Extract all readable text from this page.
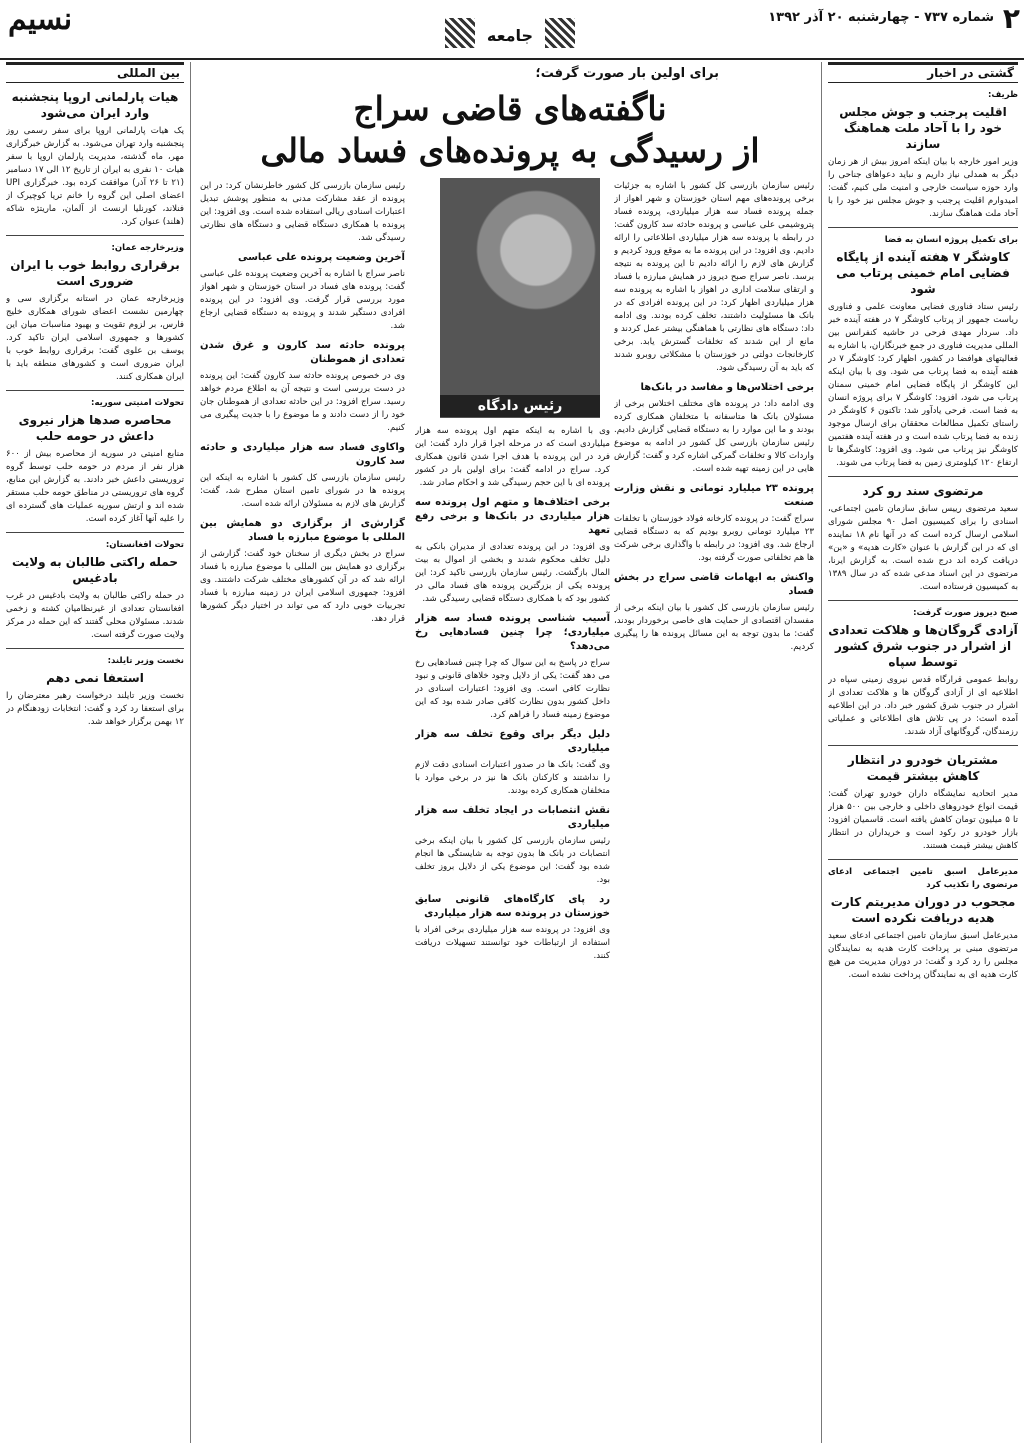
۲
شماره ۷۳۷ - چهارشنبه ۲۰ آذر ۱۳۹۲
جامعه
نسیم
گشتی در اخبار
ظریف:
اقلیت پرجنب و جوش مجلس خود را با آحاد ملت هماهنگ سازند

وزیر امور خارجه با بیان اینکه امروز بیش از هر زمان دیگر به همدلی نیاز داریم و نباید دعواهای جناحی را وارد حوزه سیاست خارجی و امنیت ملی کنیم، گفت: امیدوارم اقلیت پرجنب و جوش مجلس نیز خود را با آحاد ملت هماهنگ سازند.

برای تکمیل پروژه انسان به فضا
کاوشگر ۷ هفته آینده از پایگاه فضایی امام خمینی پرتاب می شود

رئیس ستاد فناوری فضایی معاونت علمی و فناوری ریاست جمهور از پرتاب کاوشگر ۷ در هفته آینده خبر داد. سردار مهدی فرحی در حاشیه کنفرانس بین المللی مدیریت فناوری در جمع خبرنگاران، با اشاره به فعالیتهای هوافضا در کشور، اظهار کرد: کاوشگر ۷ در هفته آینده به فضا پرتاب می شود. وی با بیان اینکه این کاوشگر از پایگاه فضایی امام خمینی سمنان پرتاب می شود، افزود: کاوشگر ۷ برای پروژه انسان به فضا است. فرحی یادآور شد: تاکنون ۶ کاوشگر در راستای تکمیل مطالعات محققان برای ارسال موجود زنده به فضا پرتاب شده است و در هفته آینده هفتمین کاوشگر نیز پرتاب می شود. وی افزود: کاوشگرها تا ارتفاع ۱۲۰ کیلومتری زمین به فضا پرتاب می شوند.

مرتضوی سند رو کرد

سعید مرتضوی رییس سابق سازمان تامین اجتماعی، اسنادی را برای کمیسیون اصل ۹۰ مجلس شورای اسلامی ارسال کرده است که در آنها نام ۱۸ نماینده ای که در این گزارش با عنوان «کارت هدیه» و «بن» دریافت کرده اند درج شده است. به گزارش ایرنا، مرتضوی در این اسناد مدعی شده که در سال ۱۳۸۹ به کمیسیون فرستاده است.

صبح دیروز صورت گرفت:
آزادی گروگان‌ها و هلاکت تعدادی از اشرار در جنوب شرق کشور توسط سپاه

روابط عمومی قرارگاه قدس نیروی زمینی سپاه در اطلاعیه ای از آزادی گروگان ها و هلاکت تعدادی از اشرار در جنوب شرق کشور خبر داد. در این اطلاعیه آمده است: در پی تلاش های اطلاعاتی و عملیاتی رزمندگان، گروگانهای آزاد شدند.

مشتریان خودرو در انتظار کاهش بیشتر قیمت

مدیر اتحادیه نمایشگاه داران خودرو تهران گفت: قیمت انواع خودروهای داخلی و خارجی بین ۵۰۰ هزار تا ۵ میلیون تومان کاهش یافته است. قاسمیان افزود: بازار خودرو در رکود است و خریداران در انتظار کاهش بیشتر قیمت هستند.

مدیرعامل اسبق تامین اجتماعی ادعای مرتضوی را تکذیب کرد
مجحوب در دوران مدیریتم کارت هدیه دریافت نکرده است

مدیرعامل اسبق سازمان تامین اجتماعی ادعای سعید مرتضوی مبنی بر پرداخت کارت هدیه به نمایندگان مجلس را رد کرد و گفت: در دوران مدیریت من هیچ کارت هدیه ای به نمایندگان پرداخت نشده است.

بین المللی
هیات پارلمانی اروپا پنجشنبه وارد ایران می‌شود

یک هیات پارلمانی اروپا برای سفر رسمی روز پنجشنبه وارد تهران می‌شود. به گزارش خبرگزاری مهر، ماه گذشته، مدیریت پارلمان اروپا با سفر هیات ۱۰ نفری به ایران از تاریخ ۱۲ الی ۱۷ دسامبر (۲۱ تا ۲۶ آذر) موافقت کرده بود. خبرگزاری UPI اعضای اصلی این گروه را خانم تریا کوچیرک از فنلاند، کورنلیا ارنست از آلمان، ماریتژه شاکه (هلند) عنوان کرد.

وزیرخارجه عمان:
برقراری روابط خوب با ایران ضروری است

وزیرخارجه عمان در استانه برگزاری سی و چهارمین نشست اعضای شورای همکاری خلیج فارس، بر لزوم تقویت و بهبود مناسبات میان این کشورها و جمهوری اسلامی ایران تاکید کرد. یوسف بن علوی گفت: برقراری روابط خوب با ایران ضروری است و کشورهای منطقه باید با ایران همکاری کنند.

تحولات امنیتی سوریه:
محاصره صدها هزار نیروی داعش در حومه حلب

منابع امنیتی در سوریه از محاصره بیش از ۶۰۰ هزار نفر از مردم در حومه حلب توسط گروه تروریستی داعش خبر دادند. به گزارش این منابع، گروه های تروریستی در مناطق حومه حلب مستقر شده اند و ارتش سوریه عملیات های گسترده ای را علیه آنها آغاز کرده است.

تحولات افغانستان:
حمله راکتی طالبان به ولایت بادغیس

در حمله راکتی طالبان به ولایت بادغیس در غرب افغانستان تعدادی از غیرنظامیان کشته و زخمی شدند. مسئولان محلی گفتند که این حمله در مرکز ولایت صورت گرفته است.

نخست وزیر تایلند:
استعفا نمی دهم

نخست وزیر تایلند درخواست رهبر معترضان را برای استعفا رد کرد و گفت: انتخابات زودهنگام در ۱۲ بهمن برگزار خواهد شد.

برای اولین بار صورت گرفت؛
ناگفته‌های قاضی سراج
از رسیدگی به پرونده‌های فساد مالی
رئیس دادگاه

رئیس سازمان بازرسی کل کشور با اشاره به جزئیات برخی پرونده‌های مهم استان خوزستان و شهر اهواز از جمله پرونده فساد سه هزار میلیاردی، پرونده فساد پتروشیمی علی عباسی و پرونده حادثه سد کارون گفت: در رابطه با پرونده سه هزار میلیاردی اطلاعاتی را ارائه دادیم. وی افزود: در این پرونده ما به موقع ورود کردیم و گزارش های لازم را ارائه دادیم تا این پرونده به نتیجه برسد. ناصر سراج صبح دیروز در همایش مبارزه با فساد و ارتقای سلامت اداری در اهواز با اشاره به پرونده سه هزار میلیاردی اظهار کرد: در این پرونده افرادی که در بانک ها مسئولیت داشتند، تخلف کرده بودند. وی ادامه داد: دستگاه های نظارتی با هماهنگی بیشتر عمل کردند و مانع از این شدند که تخلفات گسترش یابد. برخی کارخانجات دولتی در خوزستان با مشکلاتی روبرو شدند که باید به آن رسیدگی شود.

برخی اختلاس‌ها و مفاسد در بانک‌ها

وی ادامه داد: در پرونده های مختلف اختلاس برخی از مسئولان بانک ها متاسفانه با متخلفان همکاری کرده بودند و ما این موارد را به دستگاه قضایی گزارش دادیم. رئیس سازمان بازرسی کل کشور در ادامه به موضوع واردات کالا و تخلفات گمرکی اشاره کرد و گفت: گزارش هایی در این زمینه تهیه شده است.

پرونده ۲۳ میلیارد تومانی و نقش وزارت صنعت

سراج گفت: در پرونده کارخانه فولاد خوزستان با تخلفات ۲۳ میلیارد تومانی روبرو بودیم که به دستگاه قضایی ارجاع شد. وی افزود: در رابطه با واگذاری برخی شرکت ها هم تخلفاتی صورت گرفته بود.

واکنش به ابهامات قاضی سراج در بخش فساد

رئیس سازمان بازرسی کل کشور با بیان اینکه برخی از مفسدان اقتصادی از حمایت های خاصی برخوردار بودند، گفت: ما بدون توجه به این مسائل پرونده ها را پیگیری کردیم.

وی با اشاره به اینکه متهم اول پرونده سه هزار میلیاردی است که در مرحله اجرا قرار دارد گفت: این فرد در این پرونده با هدف اجرا شدن قانون همکاری کرد. سراج در ادامه گفت: برای اولین بار در کشور پرونده ای با این حجم رسیدگی شد و احکام صادر شد.

برخی اختلاف‌ها و متهم اول پرونده سه هزار میلیاردی در بانک‌ها و برخی رفع تعهد

وی افزود: در این پرونده تعدادی از مدیران بانکی به دلیل تخلف محکوم شدند و بخشی از اموال به بیت المال بازگشت. رئیس سازمان بازرسی تاکید کرد: این پرونده یکی از بزرگترین پرونده های فساد مالی در کشور بود که با همکاری دستگاه قضایی رسیدگی شد.

آسیب شناسی پرونده فساد سه هزار میلیاردی؛ چرا چنین فسادهایی رخ می‌دهد؟

سراج در پاسخ به این سوال که چرا چنین فسادهایی رخ می دهد گفت: یکی از دلایل وجود خلاهای قانونی و نبود نظارت کافی است. وی افزود: اعتبارات اسنادی در داخل کشور بدون نظارت کافی صادر شده بود که این موضوع زمینه فساد را فراهم کرد.

دلیل دیگر برای وقوع تخلف سه هزار میلیاردی

وی گفت: بانک ها در صدور اعتبارات اسنادی دقت لازم را نداشتند و کارکنان بانک ها نیز در برخی موارد با متخلفان همکاری کرده بودند.

نقش انتصابات در ایجاد تخلف سه هزار میلیاردی

رئیس سازمان بازرسی کل کشور با بیان اینکه برخی انتصابات در بانک ها بدون توجه به شایستگی ها انجام شده بود گفت: این موضوع یکی از دلایل بروز تخلف بود.

رد پای کارگاه‌های قانونی سابق خوزستان در پرونده سه هزار میلیاردی

وی افزود: در پرونده سه هزار میلیاردی برخی افراد با استفاده از ارتباطات خود توانستند تسهیلات دریافت کنند.

رئیس سازمان بازرسی کل کشور خاطرنشان کرد: در این پرونده از عقد مشارکت مدنی به منظور پوشش تبدیل اعتبارات اسنادی ریالی استفاده شده است. وی افزود: این پرونده با همکاری دستگاه قضایی و دستگاه های نظارتی رسیدگی شد.

آخرین وضعیت پرونده علی عباسی

ناصر سراج با اشاره به آخرین وضعیت پرونده علی عباسی گفت: پرونده های فساد در استان خوزستان و شهر اهواز مورد بررسی قرار گرفت. وی افزود: در این پرونده افرادی دستگیر شدند و پرونده به دستگاه قضایی ارجاع شد.

پرونده حادثه سد کارون و غرق شدن تعدادی از هموطنان

وی در خصوص پرونده حادثه سد کارون گفت: این پرونده در دست بررسی است و نتیجه آن به اطلاع مردم خواهد رسید. سراج افزود: در این حادثه تعدادی از هموطنان جان خود را از دست دادند و ما موضوع را با جدیت پیگیری می کنیم.

واکاوی فساد سه هزار میلیاردی و حادثه سد کارون

رئیس سازمان بازرسی کل کشور با اشاره به اینکه این پرونده ها در شورای تامین استان مطرح شد، گفت: گزارش های لازم به مسئولان ارائه شده است.

گزارش‌ی از برگزاری دو همایش بین المللی با موضوع مبارزه با فساد

سراج در بخش دیگری از سخنان خود گفت: گزارشی از برگزاری دو همایش بین المللی با موضوع مبارزه با فساد ارائه شد که در آن کشورهای مختلف شرکت داشتند. وی افزود: جمهوری اسلامی ایران در زمینه مبارزه با فساد تجربیات خوبی دارد که می تواند در اختیار دیگر کشورها قرار دهد.
